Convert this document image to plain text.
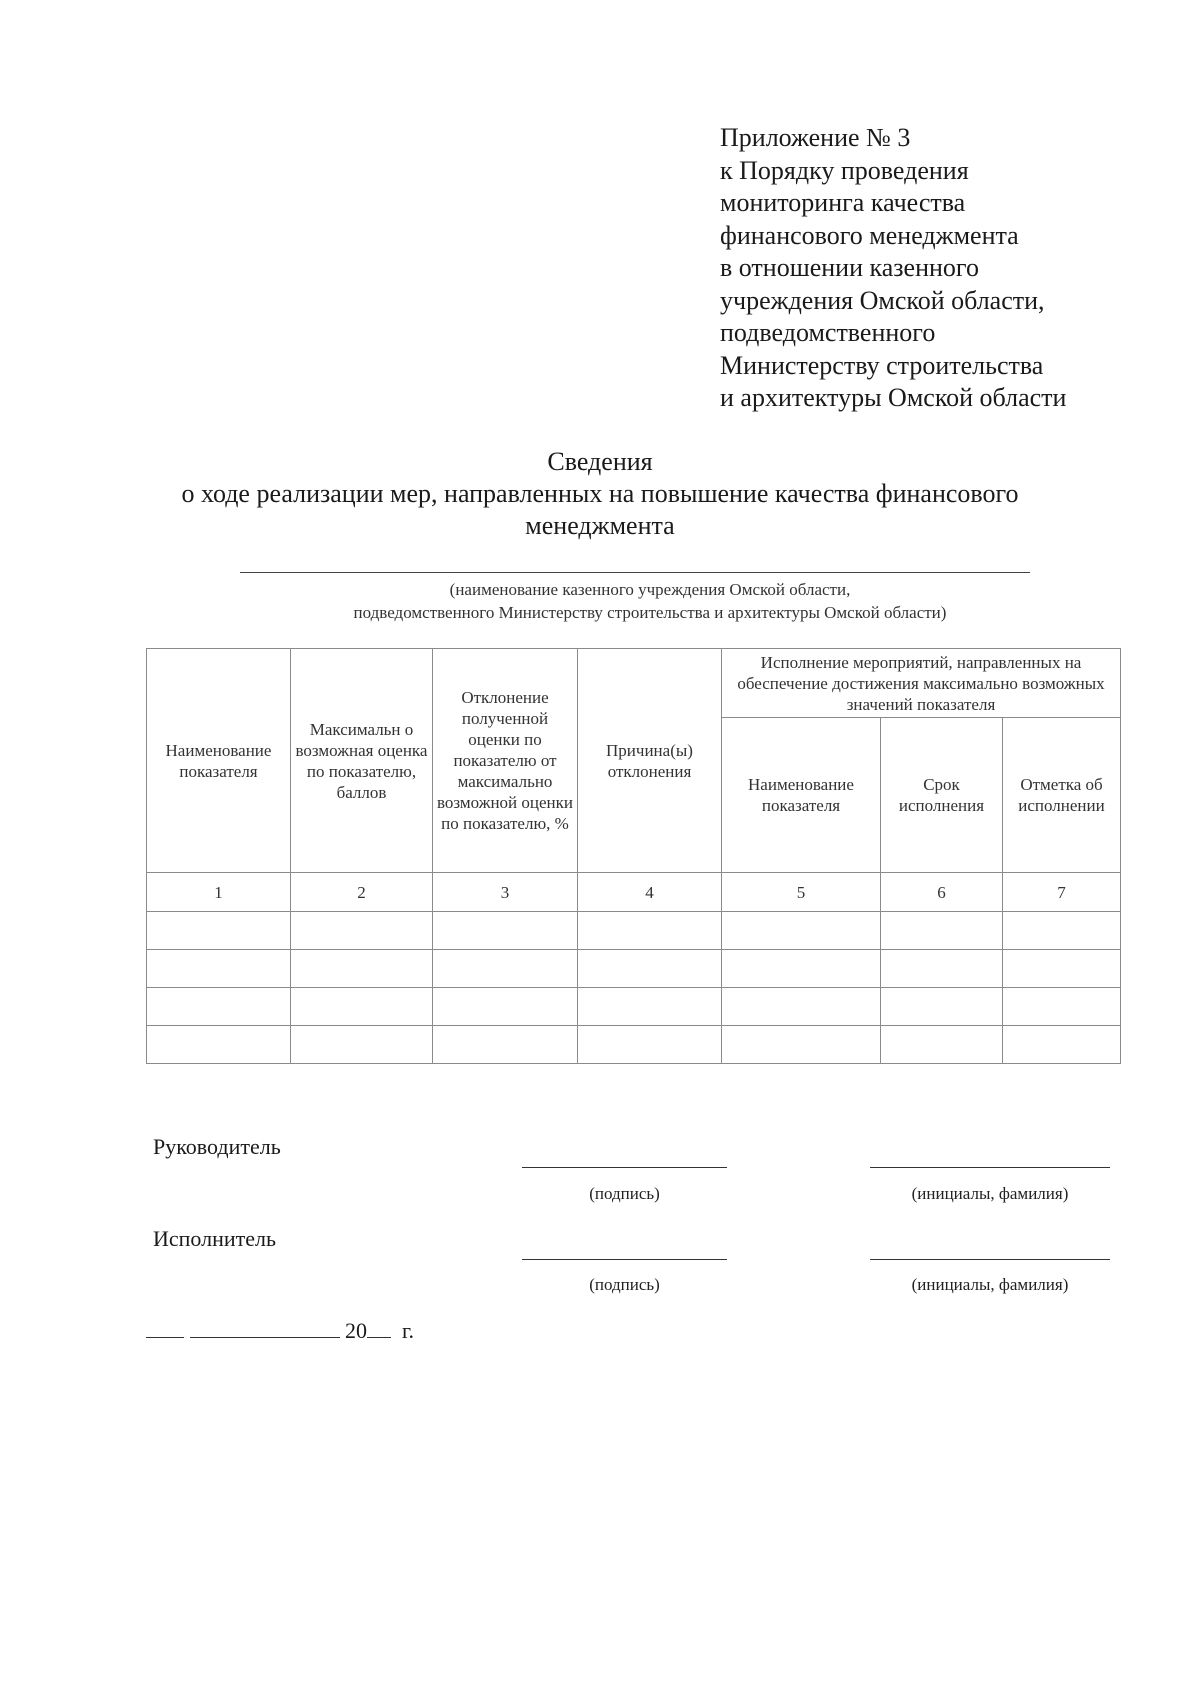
Приложение № 3
к Порядку проведения
мониторинга качества
финансового менеджмента
в отношении казенного
учреждения Омской области,
подведомственного
Министерству строительства
и архитектуры Омской области
Сведения
о ходе реализации мер, направленных на повышение качества финансового
менеджмента
(наименование казенного учреждения Омской области,
подведомственного Министерству строительства и архитектуры Омской области)
Наименование показателя	Максимальн о возможная оценка по показателю, баллов	Отклонение полученной оценки по показателю от максимально возможной оценки по показателю, %	Причина(ы) отклонения	Исполнение мероприятий, направленных на обеспечение достижения максимально возможных значений показателя		
				Наименование показателя	Срок исполнения	Отметка об исполнении
1	2	3	4	5	6	7

Руководитель
(подпись)	(инициалы, фамилия)
Исполнитель
(подпись)	(инициалы, фамилия)
20 г.
